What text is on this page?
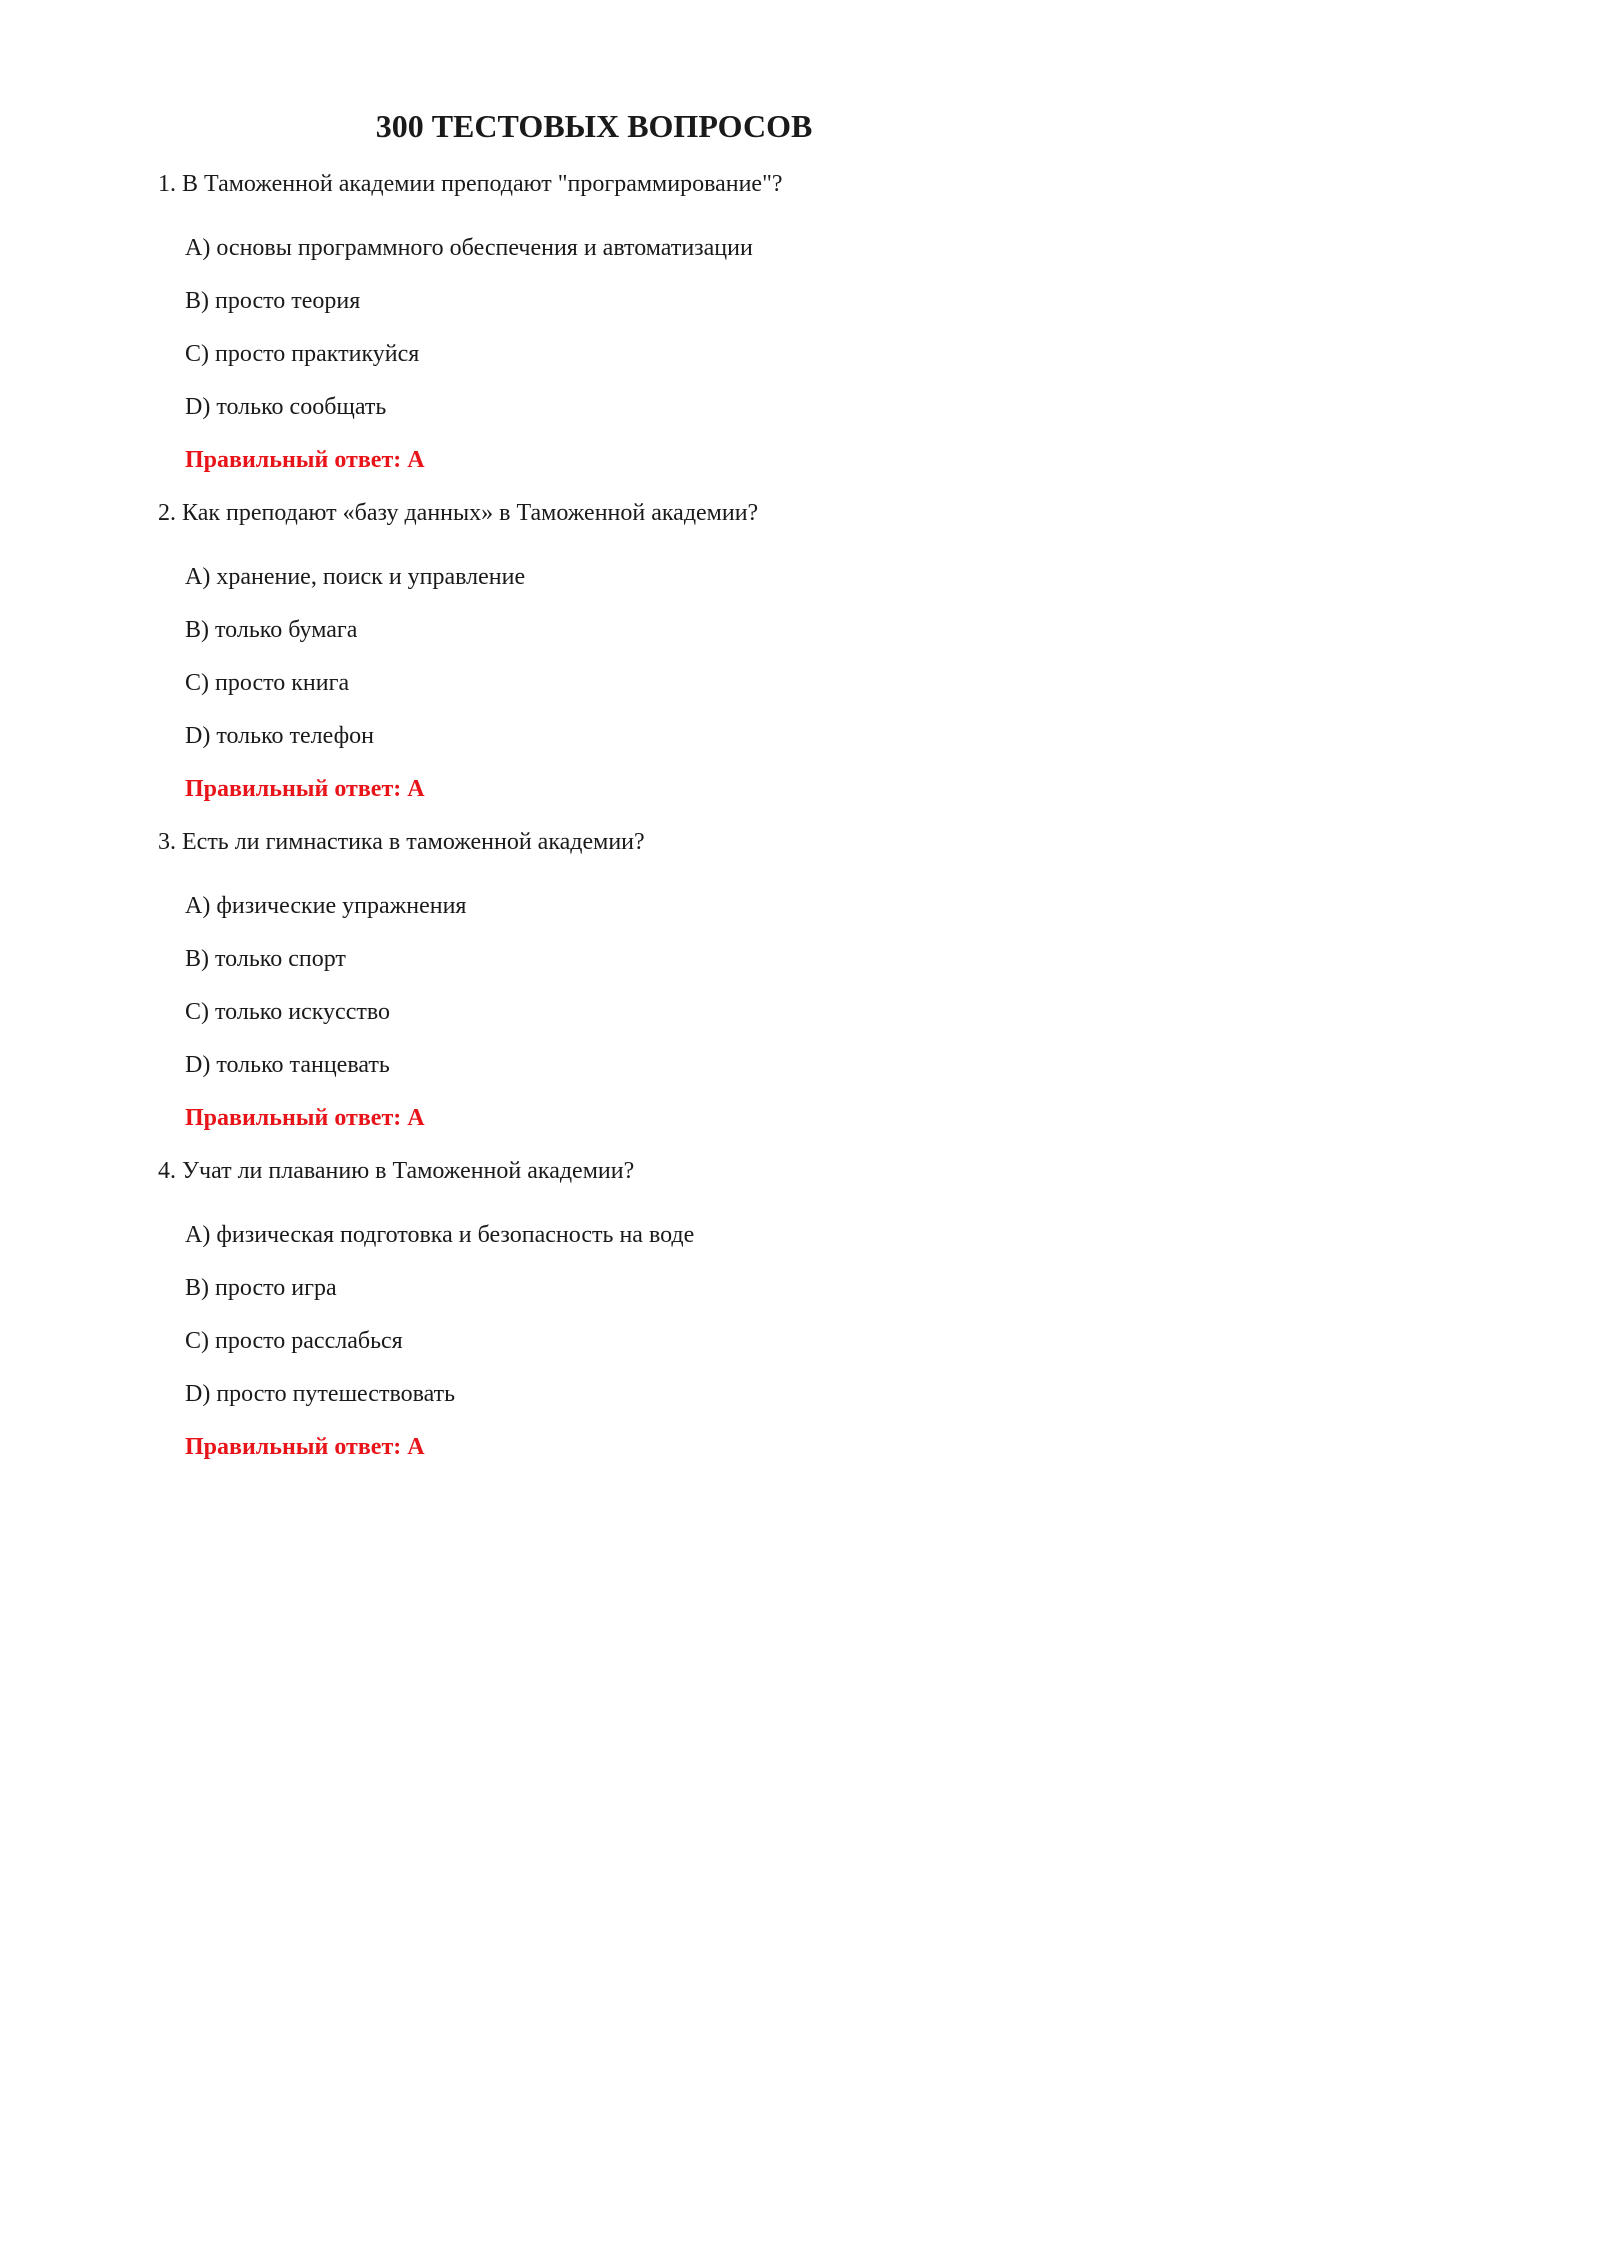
300 ТЕСТОВЫХ ВОПРОСОВ

1. В Таможенной академии преподают "программирование"?

A) основы программного обеспечения и автоматизации
B) просто теория
C) просто практикуйся
D) только сообщать
Правильный ответ: A

2. Как преподают «базу данных» в Таможенной академии?

A) хранение, поиск и управление
B) только бумага
C) просто книга
D) только телефон
Правильный ответ: A

3. Есть ли гимнастика в таможенной академии?

A) физические упражнения
B) только спорт
C) только искусство
D) только танцевать
Правильный ответ: A

4. Учат ли плаванию в Таможенной академии?

A) физическая подготовка и безопасность на воде
B) просто игра
C) просто расслабься
D) просто путешествовать
Правильный ответ: A
